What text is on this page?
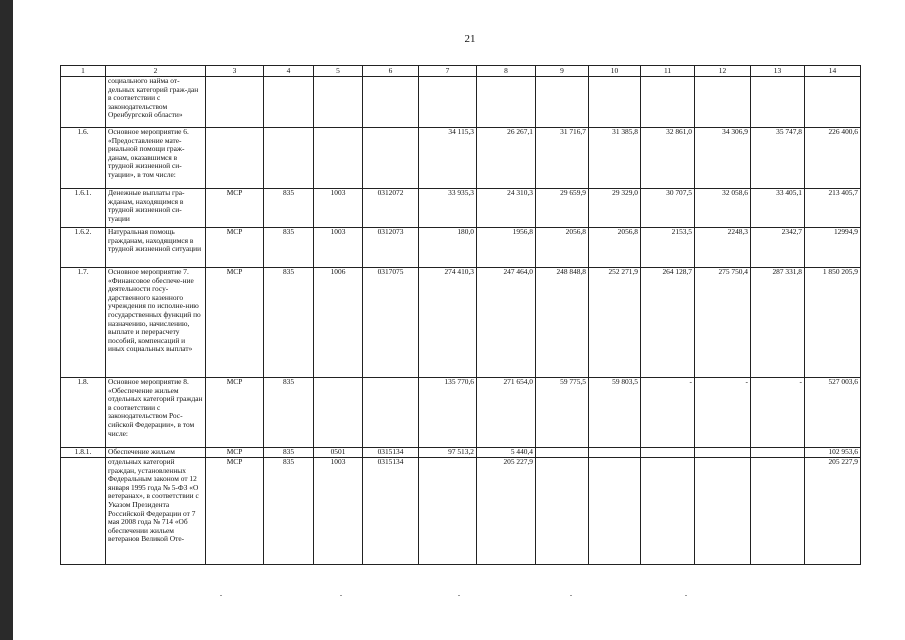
21
1	2	3	4	5	6	7	8	9	10	11	12	13	14
	социального найма от-дельных категорий граж-дан в соответствии с законодательством Оренбургской области»												
1.6.	Основное мероприятие 6. «Предоставление мате-риальной помощи граж-данам, оказавшимся в трудной жизненной си-туации», в том числе:					34 115,3	26 267,1	31 716,7	31 385,8	32 861,0	34 306,9	35 747,8	226 400,6
1.6.1.	Денежные выплаты гра-жданам, находящимся в трудной жизненной си-туации	МСР	835	1003	0312072	33 935,3	24 310,3	29 659,9	29 329,0	30 707,5	32 058,6	33 405,1	213 405,7
1.6.2.	Натуральная помощь гражданам, находящимся в трудной жизненной ситуации	МСР	835	1003	0312073	180,0	1956,8	2056,8	2056,8	2153,5	2248,3	2342,7	12994,9
1.7.	Основное мероприятие 7. «Финансовое обеспече-ние деятельности госу-дарственного казенного учреждения по исполне-нию государственных функций по назначению, начислению, выплате и перерасчету пособий, компенсаций и иных социальных выплат»	МСР	835	1006	0317075	274 410,3	247 464,0	248 848,8	252 271,9	264 128,7	275 750,4	287 331,8	1 850 205,9
1.8.	Основное мероприятие 8. «Обеспечение жильем отдельных категорий граждан в соответствии с законодательством Рос-сийской Федерации», в том числе:	МСР	835			135 770,6	271 654,0	59 775,5	59 803,5	-	-	-	527 003,6
1.8.1.	Обеспечение жильем	МСР	835	0501	0315134	97 513,2	5 440,4						102 953,6
	отдельных категорий граждан, установленных Федеральным законом от 12 января 1995 года № 5-ФЗ «О ветеранах», в соответствии с Указом Президента Российской Федерации от 7 мая 2008 года № 714 «Об обеспечении жильем ветеранов Великой Оте-	МСР	835	1003	0315134		205 227,9						205 227,9
